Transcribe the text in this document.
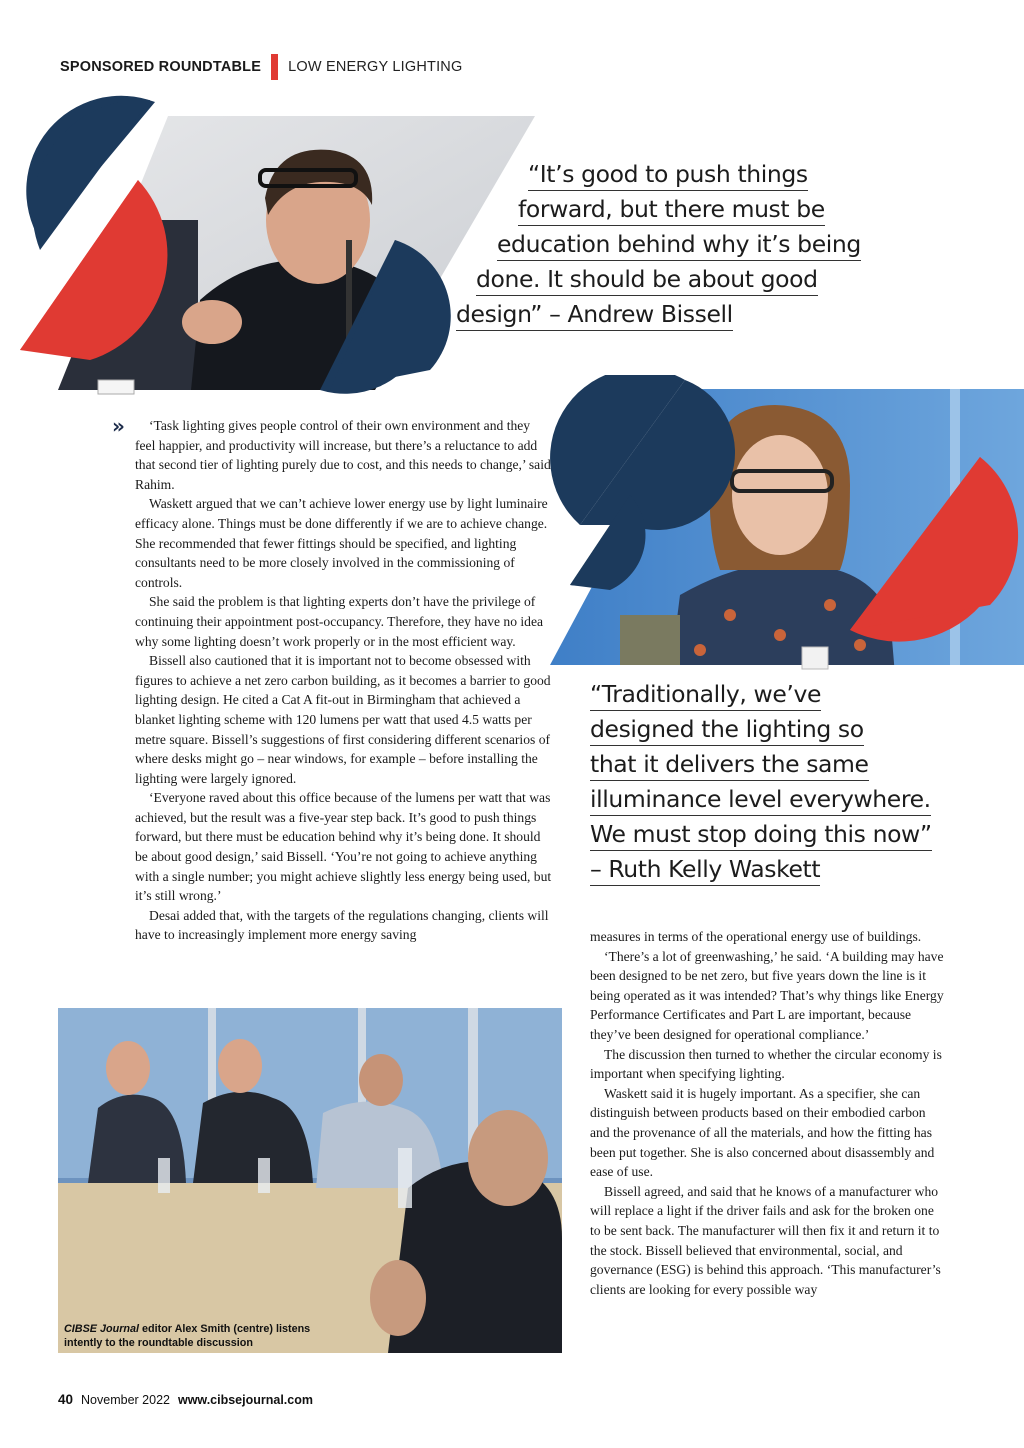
SPONSORED ROUNDTABLE LOW ENERGY LIGHTING
“It’s good to push things
forward, but there must be
education behind why it’s being
done. It should be about good
design” – Andrew Bissell
“Traditionally, we’ve
designed the lighting so
that it delivers the same
illuminance level everywhere.
We must stop doing this now”
– Ruth Kelly Waskett
»	‘Task lighting gives people control of their own environment and they feel happier, and productivity will increase, but there’s a reluctance to add that second tier of lighting purely due to cost, and this needs to change,’ said Rahim.

Waskett argued that we can’t achieve lower energy use by light luminaire efficacy alone. Things must be done differently if we are to achieve change. She recommended that fewer fittings should be specified, and lighting consultants need to be more closely involved in the commissioning of controls.

She said the problem is that lighting experts don’t have the privilege of continuing their appointment post-occupancy. Therefore, they have no idea why some lighting doesn’t work properly or in the most efficient way.

Bissell also cautioned that it is important not to become obsessed with figures to achieve a net zero carbon building, as it becomes a barrier to good lighting design. He cited a Cat A fit-out in Birmingham that achieved a blanket lighting scheme with 120 lumens per watt that used 4.5 watts per metre square. Bissell’s suggestions of first considering different scenarios of where desks might go – near windows, for example – before installing the lighting were largely ignored.

‘Everyone raved about this office because of the lumens per watt that was achieved, but the result was a five-year step back. It’s good to push things forward, but there must be education behind why it’s being done. It should be about good design,’ said Bissell. ‘You’re not going to achieve anything with a single number; you might achieve slightly less energy being used, but it’s still wrong.’

Desai added that, with the targets of the regulations changing, clients will have to increasingly implement more energy saving

CIBSE Journal editor Alex Smith (centre) listens intently to the roundtable discussion

measures in terms of the operational energy use of buildings.

‘There’s a lot of greenwashing,’ he said. ‘A building may have been designed to be net zero, but five years down the line is it being operated as it was intended? That’s why things like Energy Performance Certificates and Part L are important, because they’ve been designed for operational compliance.’

The discussion then turned to whether the circular economy is important when specifying lighting.

Waskett said it is hugely important. As a specifier, she can distinguish between products based on their embodied carbon and the provenance of all the materials, and how the fitting has been put together. She is also concerned about disassembly and ease of use.

Bissell agreed, and said that he knows of a manufacturer who will replace a light if the driver fails and ask for the broken one to be sent back. The manufacturer will then fix it and return it to the stock. Bissell believed that environmental, social, and governance (ESG) is behind this approach. ‘This manufacturer’s clients are looking for every possible way

40 November 2022 www.cibsejournal.com
